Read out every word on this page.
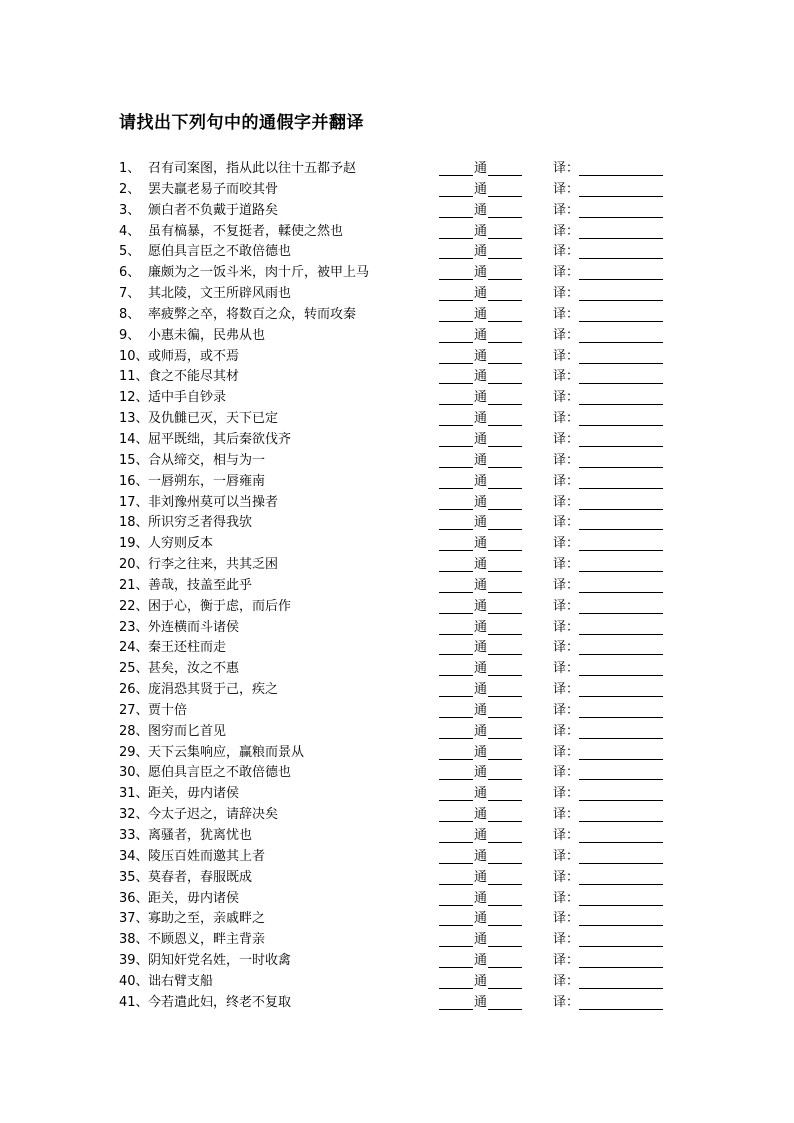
请找出下列句中的通假字并翻译
1、 召有司案图，指从此以往十五都予赵	通	译：
2、 罢夫羸老易子而咬其骨	通	译：
3、 颁白者不负戴于道路矣	通	译：
4、 虽有槁暴，不复挺者，輮使之然也	通	译：
5、 愿伯具言臣之不敢倍德也	通	译：
6、 廉颇为之一饭斗米，肉十斤，被甲上马	通	译：
7、 其北陵，文王所辟风雨也	通	译：
8、 率疲弊之卒，将数百之众，转而攻秦	通	译：
9、 小惠未徧，民弗从也	通	译：
10、 或师焉，或不焉	通	译：
11、 食之不能尽其材	通	译：
12、 适中手自钞录	通	译：
13、 及仇雠已灭，天下已定	通	译：
14、 屈平既绌，其后秦欲伐齐	通	译：
15、 合从缔交，相与为一	通	译：
16、 一唇朔东，一唇雍南	通	译：
17、 非刘豫州莫可以当操者	通	译：
18、 所识穷乏者得我欤	通	译：
19、 人穷则反本	通	译：
20、 行李之往来，共其乏困	通	译：
21、 善哉，技盖至此乎	通	译：
22、 困于心，衡于虑，而后作	通	译：
23、 外连横而斗诸侯	通	译：
24、 秦王还柱而走	通	译：
25、 甚矣，汝之不惠	通	译：
26、 庞涓恐其贤于己，疾之	通	译：
27、 贾十倍	通	译：
28、 图穷而匕首见	通	译：
29、 天下云集响应，赢粮而景从	通	译：
30、 愿伯具言臣之不敢倍德也	通	译：
31、 距关，毋内诸侯	通	译：
32、 今太子迟之，请辞决矣	通	译：
33、 离骚者，犹离忧也	通	译：
34、 陵压百姓而邀其上者	通	译：
35、 莫春者，春服既成	通	译：
36、 距关，毋内诸侯	通	译：
37、 寡助之至，亲戚畔之	通	译：
38、 不顾恩义，畔主背亲	通	译：
39、 阴知奸党名姓，一时收禽	通	译：
40、 诎右臂支船	通	译：
41、 今若遣此妇，终老不复取	通	译：
